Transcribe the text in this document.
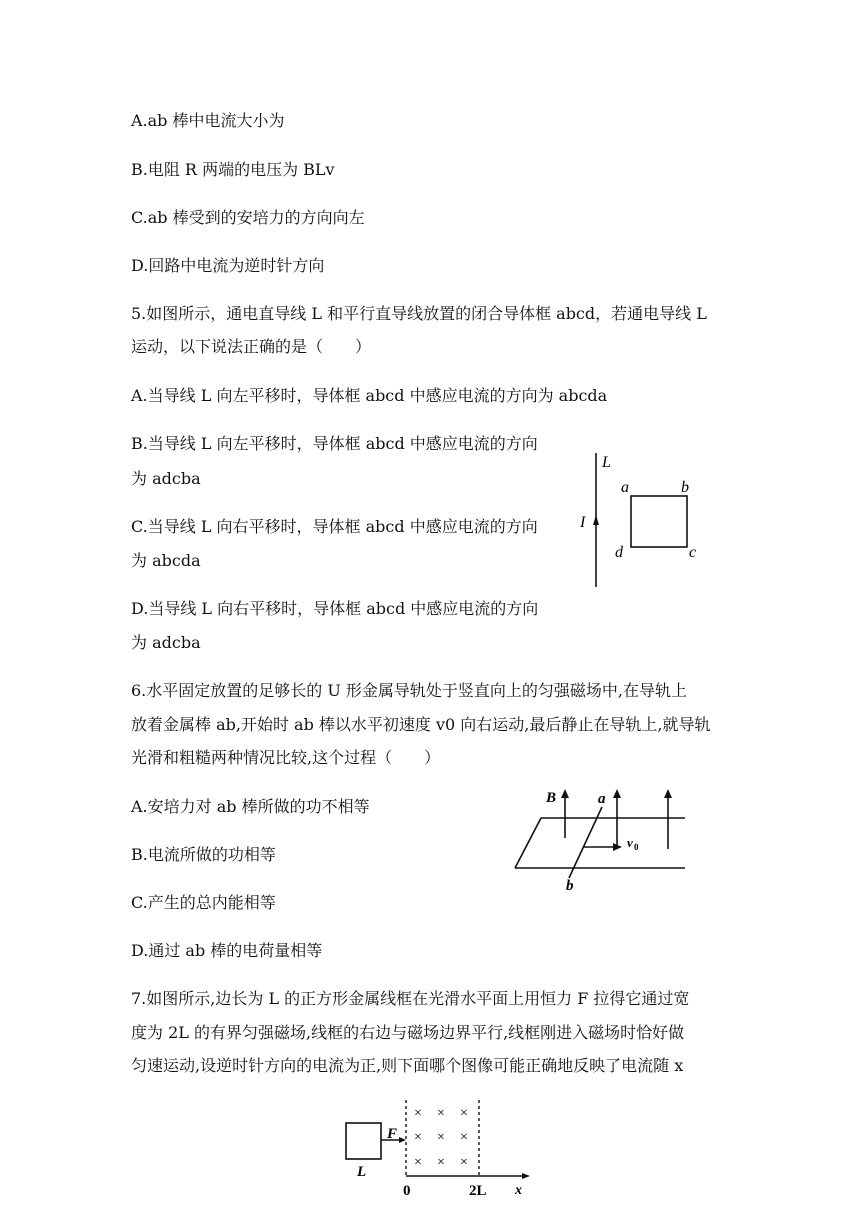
A.ab 棒中电流大小为
B.电阻 R 两端的电压为 BLv
C.ab 棒受到的安培力的方向向左
D.回路中电流为逆时针方向
5.如图所示，通电直导线 L 和平行直导线放置的闭合导体框 abcd，若通电导线 L
运动，以下说法正确的是（　　）
A.当导线 L 向左平移时，导体框 abcd 中感应电流的方向为 abcda
B.当导线 L 向左平移时，导体框 abcd 中感应电流的方向
为 adcba
C.当导线 L 向右平移时，导体框 abcd 中感应电流的方向
为 abcda
D.当导线 L 向右平移时，导体框 abcd 中感应电流的方向
为 adcba
L
I
a	b
c
d
6.水平固定放置的足够长的 U 形金属导轨处于竖直向上的匀强磁场中,在导轨上
放着金属棒 ab,开始时 ab 棒以水平初速度 v0 向右运动,最后静止在导轨上,就导轨
光滑和粗糙两种情况比较,这个过程（　　）
A.安培力对 ab 棒所做的功不相等
B.电流所做的功相等
C.产生的总内能相等
D.通过 ab 棒的电荷量相等
B	a
b
v 0
7.如图所示,边长为 L 的正方形金属线框在光滑水平面上用恒力 F 拉得它通过宽
度为 2L 的有界匀强磁场,线框的右边与磁场边界平行,线框刚进入磁场时恰好做
匀速运动,设逆时针方向的电流为正,则下面哪个图像可能正确地反映了电流随 x
× × ×
× × ×
× × ×
F
L
0	2L x
